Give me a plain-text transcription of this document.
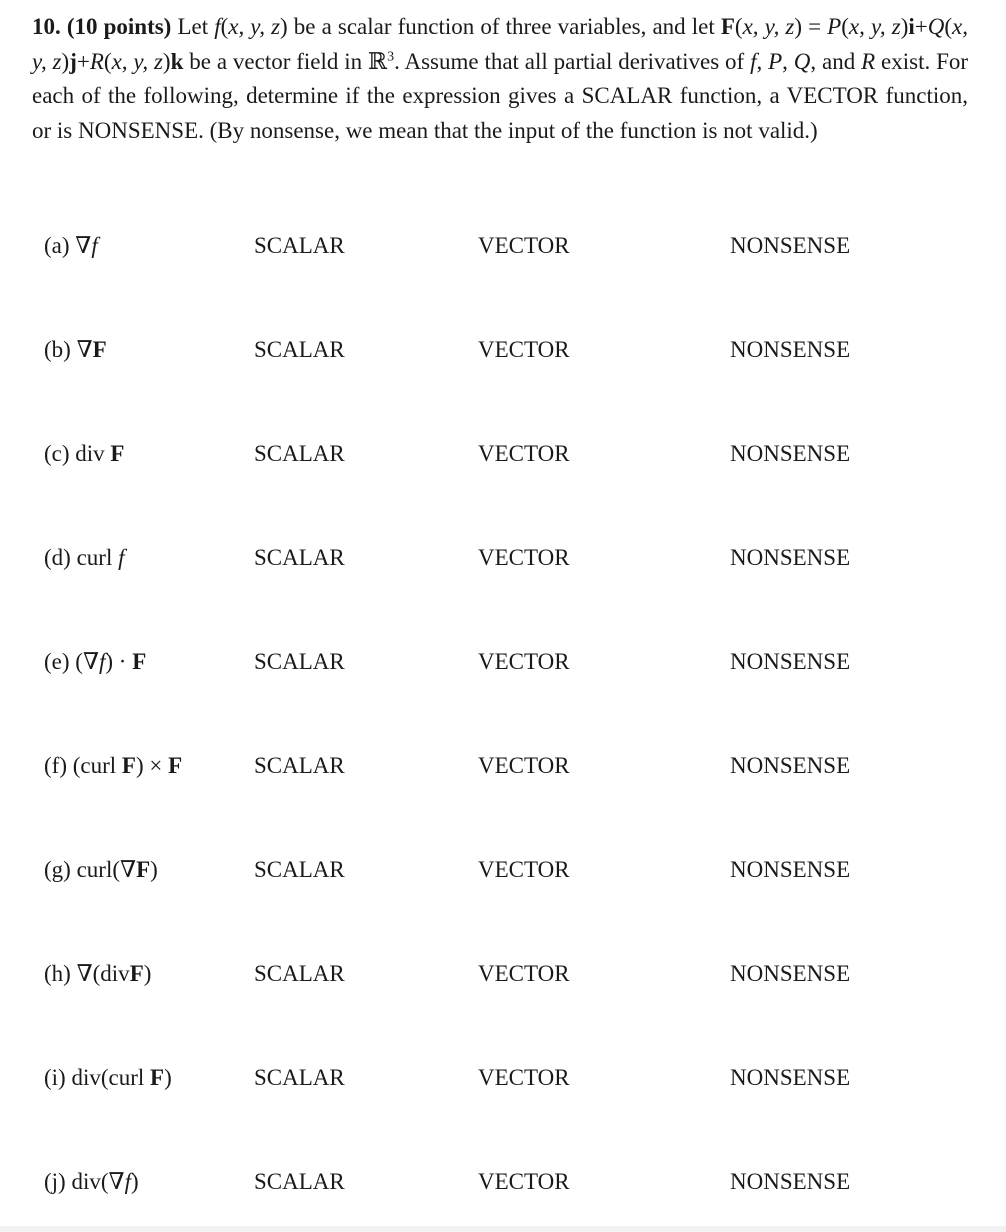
10. (10 points) Let f(x, y, z) be a scalar function of three variables, and let F(x, y, z) = P(x, y, z)i+Q(x, y, z)j+R(x, y, z)k be a vector field in ℝ$^3$. Assume that all partial derivatives of f, P, Q, and R exist. For each of the following, determine if the expression gives a SCALAR function, a VECTOR function, or is NONSENSE. (By nonsense, we mean that the input of the function is not valid.)
(a) ∇f	SCALAR	VECTOR	NONSENSE
(b) ∇F	SCALAR	VECTOR	NONSENSE
(c) div F	SCALAR	VECTOR	NONSENSE
(d) curl f	SCALAR	VECTOR	NONSENSE
(e) (∇f) · F	SCALAR	VECTOR	NONSENSE
(f) (curl F) × F	SCALAR	VECTOR	NONSENSE
(g) curl(∇F)	SCALAR	VECTOR	NONSENSE
(h) ∇(divF)	SCALAR	VECTOR	NONSENSE
(i) div(curl F)	SCALAR	VECTOR	NONSENSE
(j) div(∇f)	SCALAR	VECTOR	NONSENSE
